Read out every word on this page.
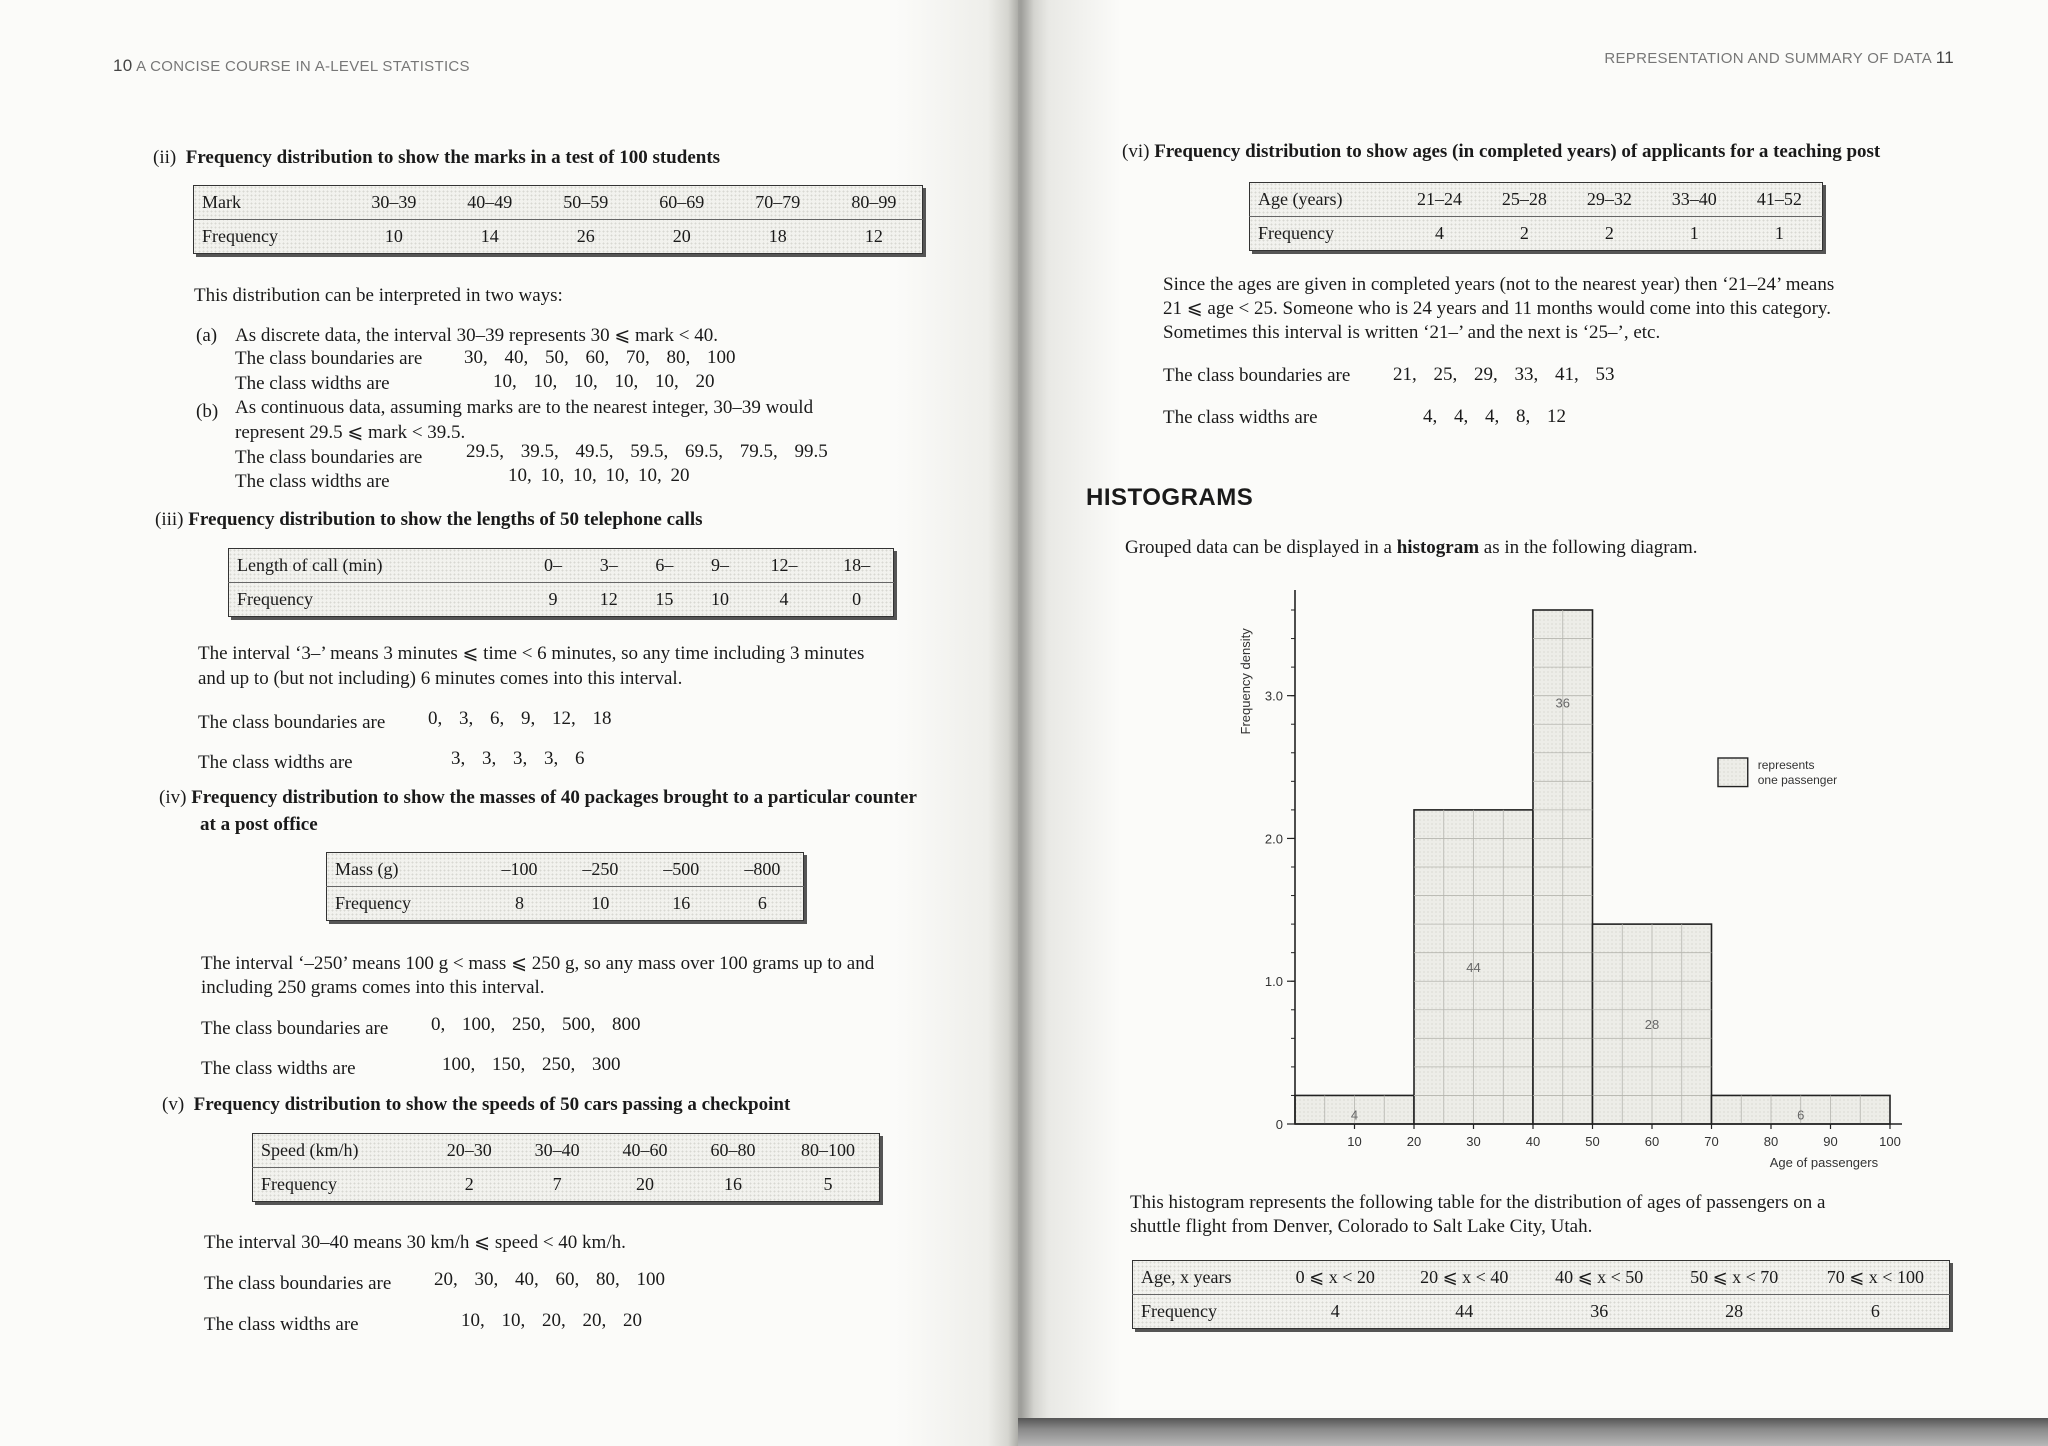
10 A CONCISE COURSE IN A-LEVEL STATISTICS
(ii) Frequency distribution to show the marks in a test of 100 students
Mark	30–39	40–49	50–59	60–69	70–79	80–99
Frequency	10	14	26	20	18	12
This distribution can be interpreted in two ways:
(a) As discrete data, the interval 30–39 represents 30 ⩽ mark < 40.
The class boundaries are 30, 40, 50, 60, 70, 80, 100
The class widths are	10, 10, 10, 10, 10, 20
(b) As continuous data, assuming marks are to the nearest integer, 30–39 would
represent 29.5 ⩽ mark < 39.5.
The class boundaries are 29.5, 39.5, 49.5, 59.5, 69.5, 79.5, 99.5
The class widths are	10, 10, 10, 10, 10, 20
(iii) Frequency distribution to show the lengths of 50 telephone calls
Length of call (min)	0–	3–	6–	9–	12–	18–
Frequency	9	12	15	10	4	0
The interval ‘3–’ means 3 minutes ⩽ time < 6 minutes, so any time including 3 minutes
and up to (but not including) 6 minutes comes into this interval.
The class boundaries are 0, 3, 6, 9, 12, 18
The class widths are	3, 3, 3, 3, 6
(iv) Frequency distribution to show the masses of 40 packages brought to a particular counter
at a post office
Mass (g)	–100	–250	–500	–800
Frequency	8	10	16	6
The interval ‘–250’ means 100 g < mass ⩽ 250 g, so any mass over 100 grams up to and
including 250 grams comes into this interval.
The class boundaries are 0, 100, 250, 500, 800
The class widths are	100, 150, 250, 300
(v) Frequency distribution to show the speeds of 50 cars passing a checkpoint
Speed (km/h)	20–30	30–40	40–60	60–80	80–100
Frequency	2	7	20	16	5
The interval 30–40 means 30 km/h ⩽ speed < 40 km/h.
The class boundaries are 20, 30, 40, 60, 80, 100
The class widths are	10, 10, 20, 20, 20
REPRESENTATION AND SUMMARY OF DATA 11
(vi) Frequency distribution to show ages (in completed years) of applicants for a teaching post
Age (years)	21–24	25–28	29–32	33–40	41–52
Frequency	4	2	2	1	1
Since the ages are given in completed years (not to the nearest year) then ‘21–24’ means
21 ⩽ age < 25. Someone who is 24 years and 11 months would come into this category.
Sometimes this interval is written ‘21–’ and the next is ‘25–’, etc.
The class boundaries are 21, 25, 29, 33, 41, 53
The class widths are	4, 4, 4, 8, 12
HISTOGRAMS
Grouped data can be displayed in a histogram as in the following diagram.
4
44
36
28
6
0
1.0
2.0
3.0
10	20	30	40	50	60	70	80	90	100
Age of passengers
Frequency density
represents
one passenger
This histogram represents the following table for the distribution of ages of passengers on a
shuttle flight from Denver, Colorado to Salt Lake City, Utah.
Age, x years	0 ⩽ x < 20	20 ⩽ x < 40	40 ⩽ x < 50	50 ⩽ x < 70	70 ⩽ x < 100
Frequency	4	44	36	28	6
